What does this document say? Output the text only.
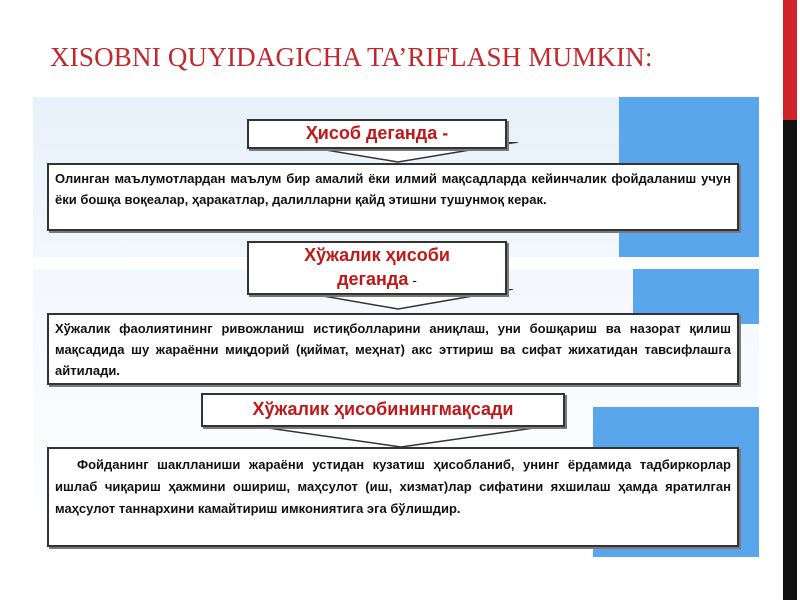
XISOBNI QUYIDAGICHA TA’RIFLASH MUMKIN:
Ҳисоб деганда -
Олинган маълумотлардан маълум бир амалий ёки илмий мақсадларда кейинчалик фойдаланиш учун ёки бошқа воқеалар, ҳаракатлар, далилларни қайд этишни тушунмоқ керак.
Хўжалик ҳисоби
деганда -
Хўжалик фаолиятининг ривожланиш истиқболларини аниқлаш, уни бошқариш ва назорат қилиш мақсадида шу жараённи миқдорий (қиймат, меҳнат) акс эттириш ва сифат жихатидан тавсифлашга айтилади.
Хўжалик ҳисобинингмақсади
Фойданинг шаклланиши жараёни устидан кузатиш ҳисобланиб, унинг ёрдамида тадбиркорлар ишлаб чиқариш ҳажмини ошириш, маҳсулот (иш, хизмат)лар сифатини яхшилаш ҳамда яратилган маҳсулот таннархини камайтириш имкониятига эга бўлишдир.
